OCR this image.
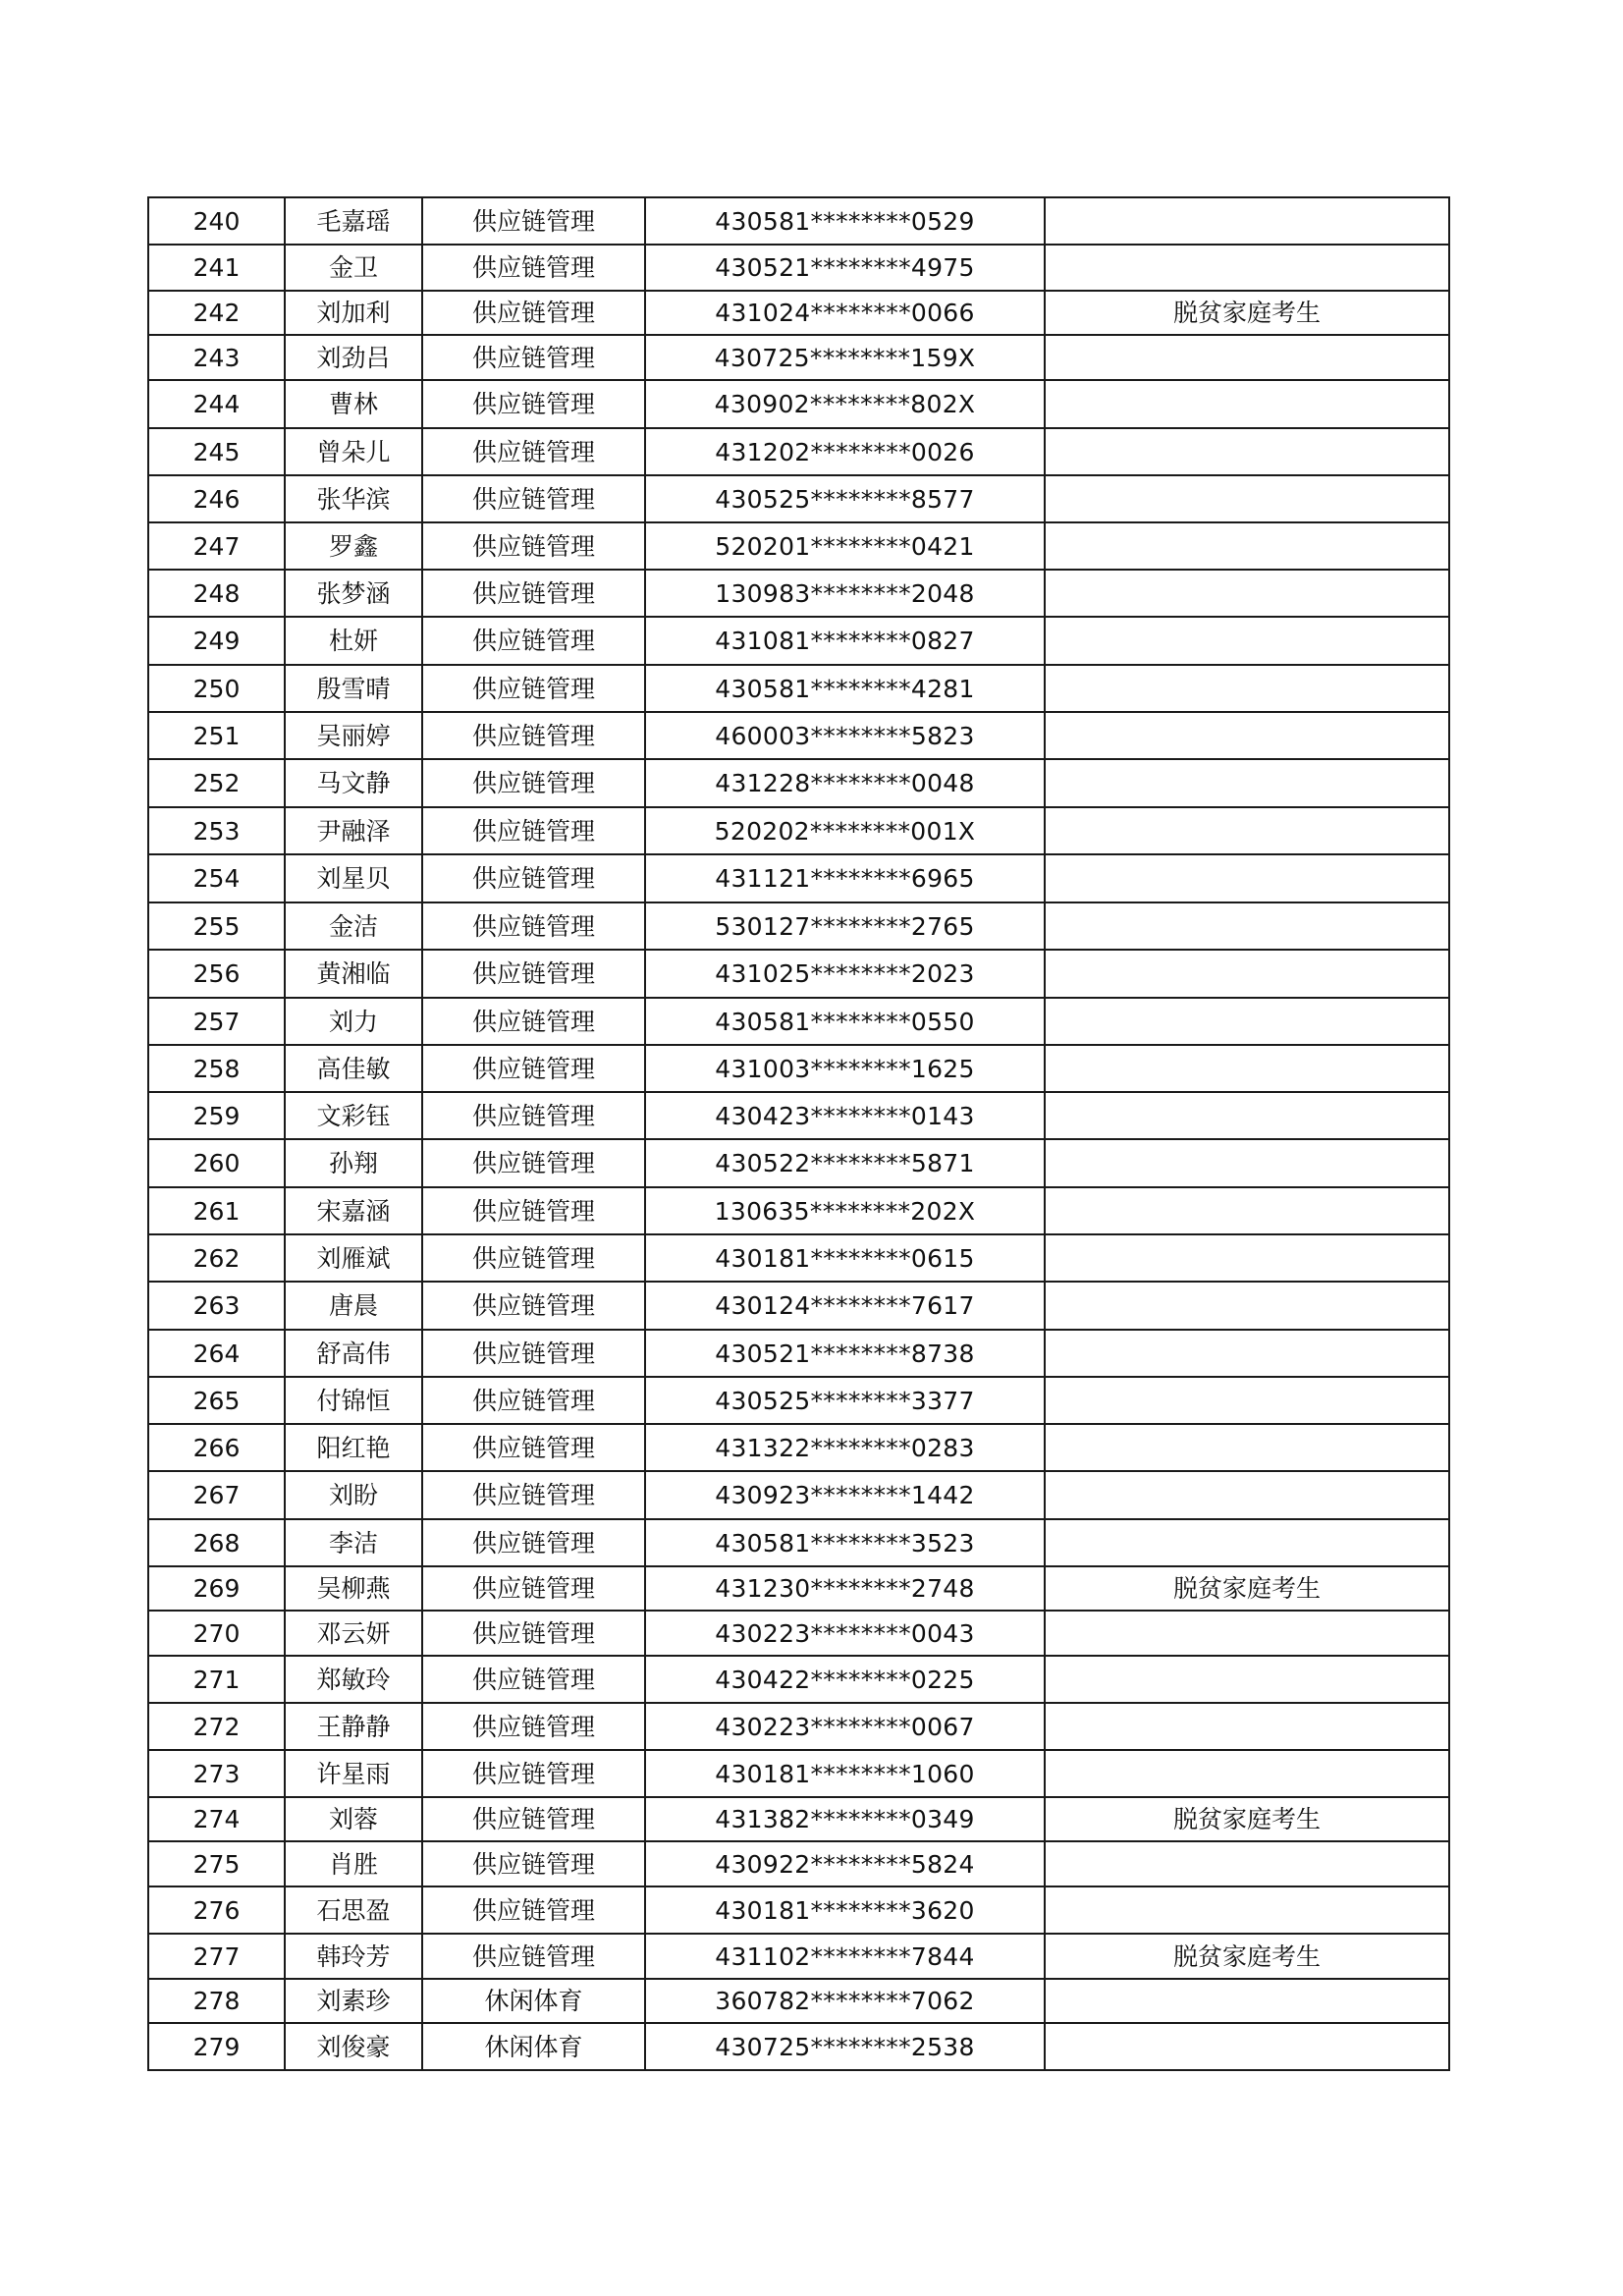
240	毛嘉瑶	供应链管理	430581********0529	
241	金卫	供应链管理	430521********4975	
242	刘加利	供应链管理	431024********0066	脱贫家庭考生
243	刘劲吕	供应链管理	430725********159X	
244	曹林	供应链管理	430902********802X	
245	曾朵儿	供应链管理	431202********0026	
246	张华滨	供应链管理	430525********8577	
247	罗鑫	供应链管理	520201********0421	
248	张梦涵	供应链管理	130983********2048	
249	杜妍	供应链管理	431081********0827	
250	殷雪晴	供应链管理	430581********4281	
251	吴丽婷	供应链管理	460003********5823	
252	马文静	供应链管理	431228********0048	
253	尹融泽	供应链管理	520202********001X	
254	刘星贝	供应链管理	431121********6965	
255	金洁	供应链管理	530127********2765	
256	黄湘临	供应链管理	431025********2023	
257	刘力	供应链管理	430581********0550	
258	高佳敏	供应链管理	431003********1625	
259	文彩钰	供应链管理	430423********0143	
260	孙翔	供应链管理	430522********5871	
261	宋嘉涵	供应链管理	130635********202X	
262	刘雁斌	供应链管理	430181********0615	
263	唐晨	供应链管理	430124********7617	
264	舒高伟	供应链管理	430521********8738	
265	付锦恒	供应链管理	430525********3377	
266	阳红艳	供应链管理	431322********0283	
267	刘盼	供应链管理	430923********1442	
268	李洁	供应链管理	430581********3523	
269	吴柳燕	供应链管理	431230********2748	脱贫家庭考生
270	邓云妍	供应链管理	430223********0043	
271	郑敏玲	供应链管理	430422********0225	
272	王静静	供应链管理	430223********0067	
273	许星雨	供应链管理	430181********1060	
274	刘蓉	供应链管理	431382********0349	脱贫家庭考生
275	肖胜	供应链管理	430922********5824	
276	石思盈	供应链管理	430181********3620	
277	韩玲芳	供应链管理	431102********7844	脱贫家庭考生
278	刘素珍	休闲体育	360782********7062	
279	刘俊豪	休闲体育	430725********2538	
